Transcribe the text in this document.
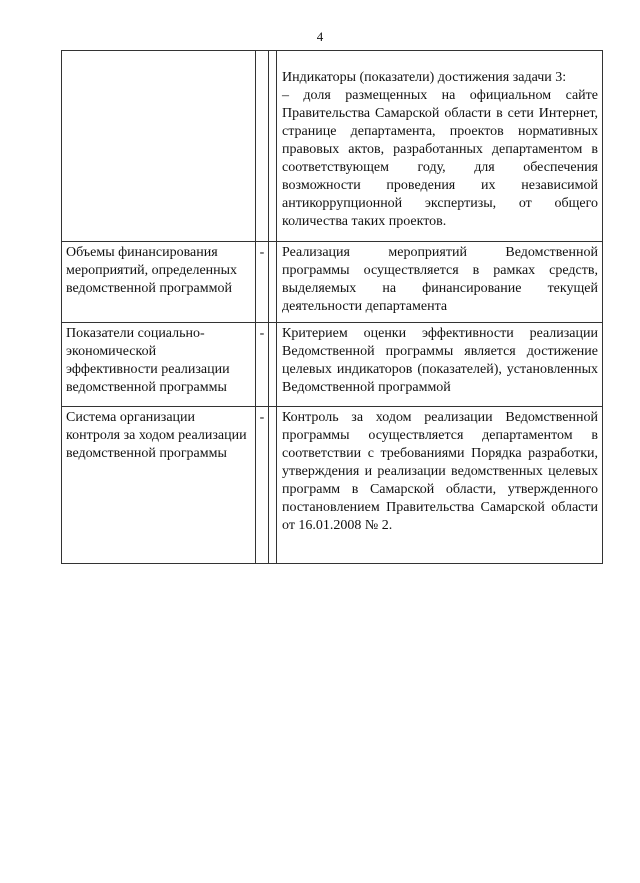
4

			Индикаторы (показатели) достижения задачи 3:

– доля размещенных на официальном сайте Правительства Самарской области в сети Интернет, странице департамента, проектов нормативных правовых актов, разработанных департаментом в соответствующем году, для обеспечения возможности проведения их независимой антикоррупционной экспертизы, от общего количества таких проектов.

Объемы финансирования мероприятий, определенных ведомственной программой	-		Реализация мероприятий Ведомственной программы осуществляется в рамках средств, выделяемых на финансирование текущей деятельности департамента

Показатели социально-экономической эффективности реализации ведомственной программы	-		Критерием оценки эффективности реализации Ведомственной программы является достижение целевых индикаторов (показателей), установленных Ведомственной программой

Система организации контроля за ходом реализации ведомственной программы	-		Контроль за ходом реализации Ведомственной программы осуществляется департаментом в соответствии с требованиями Порядка разработки, утверждения и реализации ведомственных целевых программ в Самарской области, утвержденного постановлением Правительства Самарской области от 16.01.2008 № 2.
